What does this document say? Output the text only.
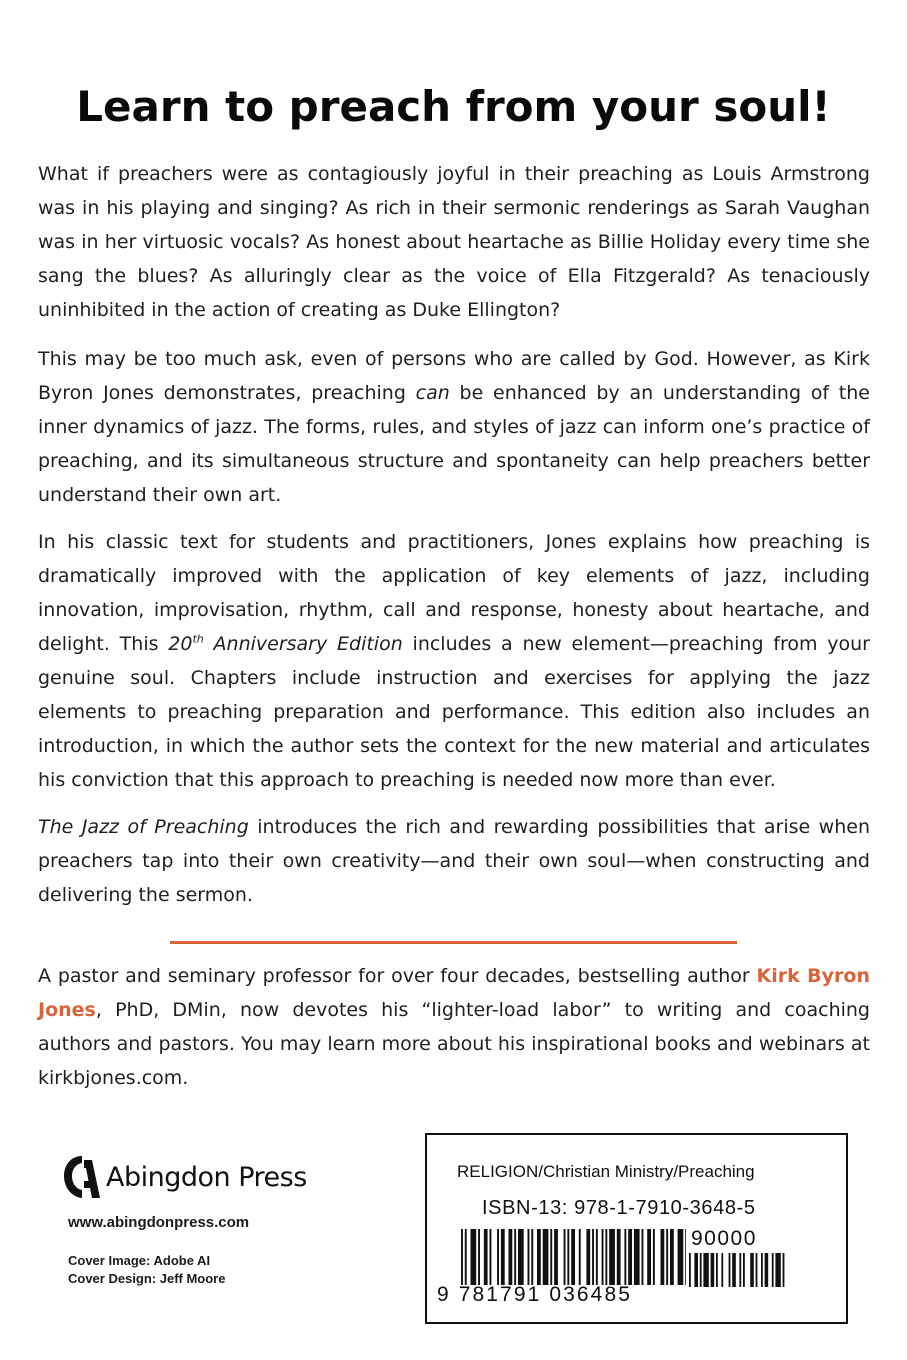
Learn to preach from your soul!

What if preachers were as contagiously joyful in their preaching as Louis Armstrong was in his playing and singing? As rich in their sermonic renderings as Sarah Vaughan was in her virtuosic vocals? As honest about heartache as Billie Holiday every time she sang the blues? As alluringly clear as the voice of Ella Fitzgerald? As tenaciously uninhibited in the action of creating as Duke Ellington?

This may be too much ask, even of persons who are called by God. However, as Kirk Byron Jones demonstrates, preaching can be enhanced by an understanding of the inner dynamics of jazz. The forms, rules, and styles of jazz can inform one’s practice of preaching, and its simultaneous structure and spontaneity can help preachers better understand their own art.

In his classic text for students and practitioners, Jones explains how preaching is dramatically improved with the application of key elements of jazz, including innovation, improvisation, rhythm, call and response, honesty about heartache, and delight. This 20th Anniversary Edition includes a new element—preaching from your genuine soul. Chapters include instruction and exercises for applying the jazz elements to preaching preparation and performance. This edition also includes an introduction, in which the author sets the context for the new material and articulates his conviction that this approach to preaching is needed now more than ever.

The Jazz of Preaching introduces the rich and rewarding possibilities that arise when preachers tap into their own creativity—and their own soul—when constructing and delivering the sermon.

A pastor and seminary professor for over four decades, bestselling author Kirk Byron Jones, PhD, DMin, now devotes his “lighter-load labor” to writing and coaching authors and pastors. You may learn more about his inspirational books and webinars at kirkbjones.com.

Abingdon Press
www.abingdonpress.com
Cover Image: Adobe AI
Cover Design: Jeff Moore
RELIGION/Christian Ministry/Preaching
ISBN-13: 978-1-7910-3648-5
90000
9 781791 036485
